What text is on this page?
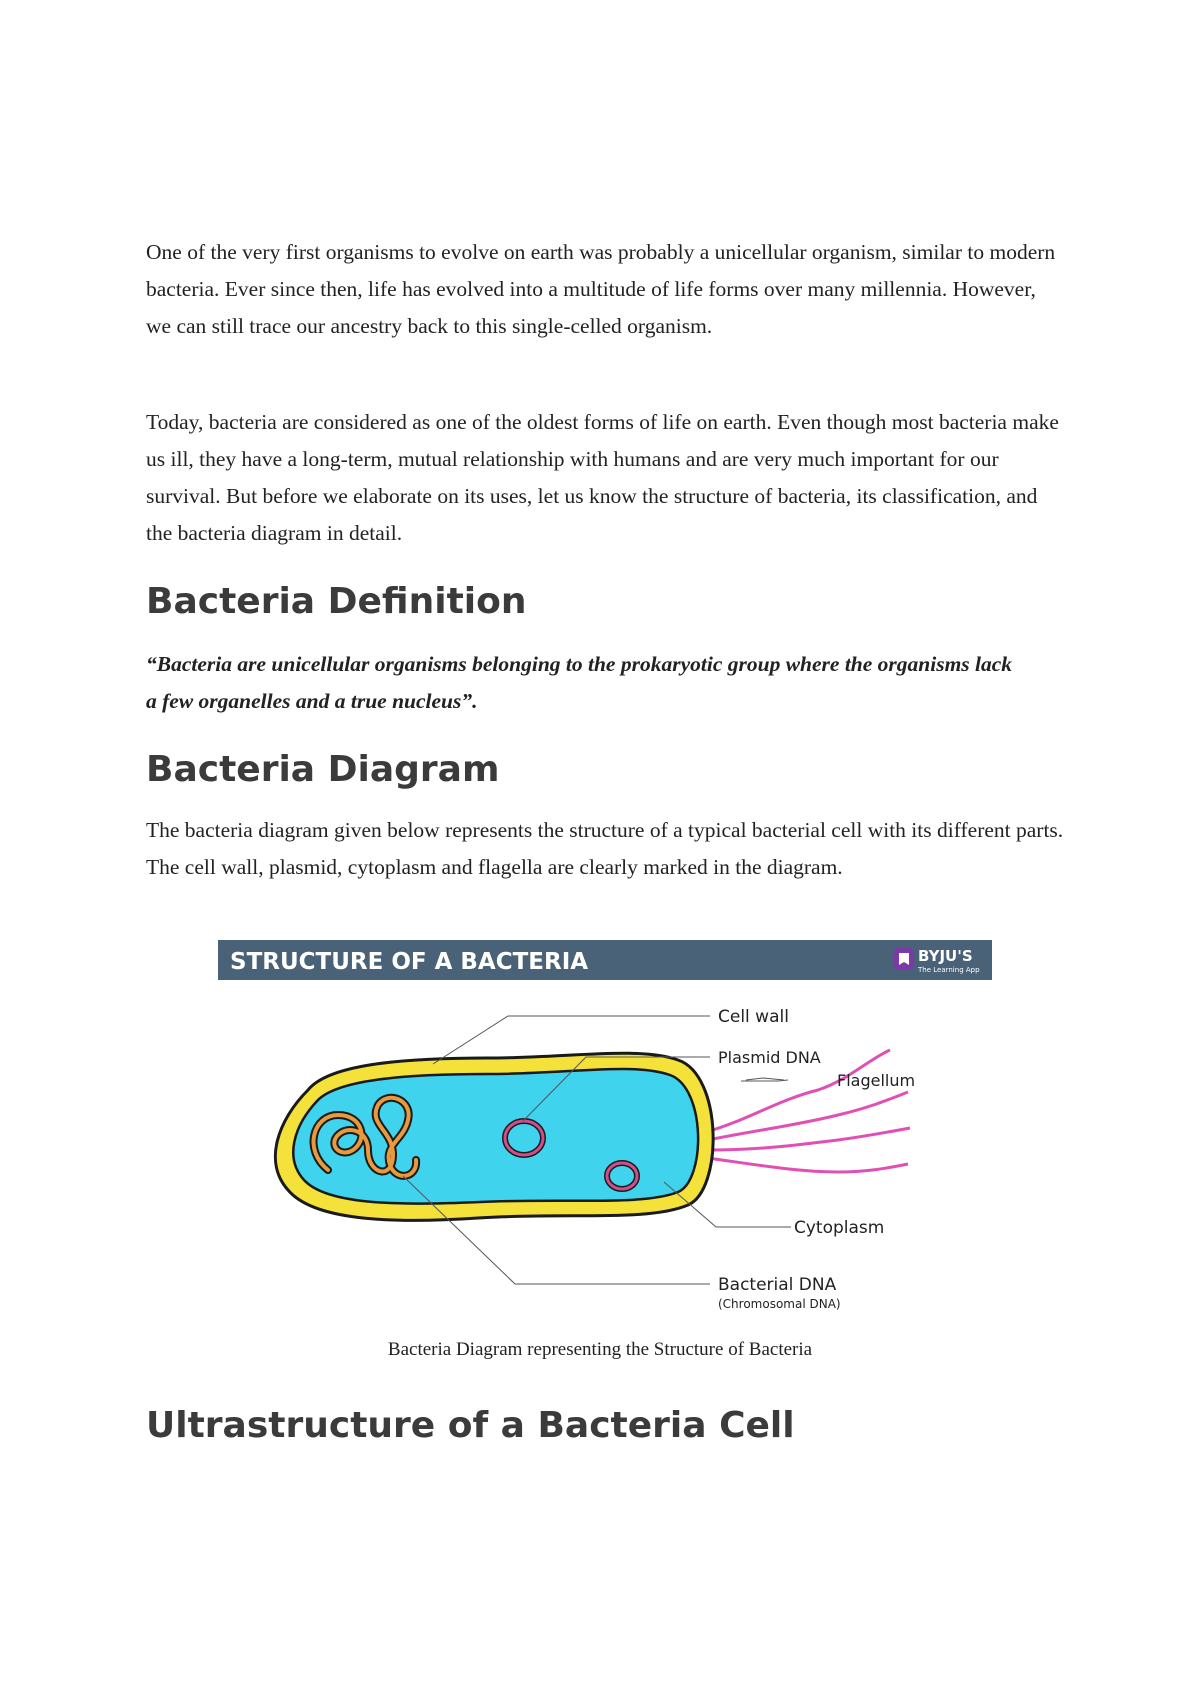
One of the very first organisms to evolve on earth was probably a unicellular organism, similar to modern bacteria. Ever since then, life has evolved into a multitude of life forms over many millennia. However, we can still trace our ancestry back to this single-celled organism.

Today, bacteria are considered as one of the oldest forms of life on earth. Even though most bacteria make us ill, they have a long-term, mutual relationship with humans and are very much important for our survival. But before we elaborate on its uses, let us know the structure of bacteria, its classification, and the bacteria diagram in detail.

Bacteria Definition

“Bacteria are unicellular organisms belonging to the prokaryotic group where the organisms lack a few organelles and a true nucleus”.

Bacteria Diagram

The bacteria diagram given below represents the structure of a typical bacterial cell with its different parts. The cell wall, plasmid, cytoplasm and flagella are clearly marked in the diagram.

STRUCTURE OF A BACTERIA	BYJU'S
The Learning App
Cell wall
Plasmid DNA
Flagellum
Cytoplasm
Bacterial DNA
(Chromosomal DNA)

Bacteria Diagram representing the Structure of Bacteria

Ultrastructure of a Bacteria Cell
